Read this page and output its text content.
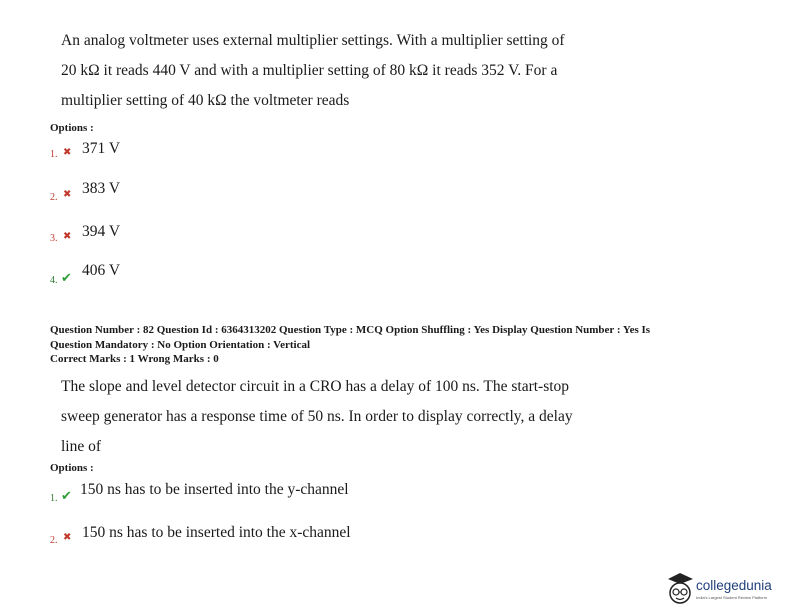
An analog voltmeter uses external multiplier settings. With a multiplier setting of
20 kΩ it reads 440 V and with a multiplier setting of 80 kΩ it reads 352 V. For a
multiplier setting of 40 kΩ the voltmeter reads
Options :
1. ✖ 371 V
2. ✖ 383 V
3. ✖ 394 V
4. ✔ 406 V
Question Number : 82 Question Id : 6364313202 Question Type : MCQ Option Shuffling : Yes Display Question Number : Yes Is
Question Mandatory : No Option Orientation : Vertical
Correct Marks : 1 Wrong Marks : 0
The slope and level detector circuit in a CRO has a delay of 100 ns. The start-stop
sweep generator has a response time of 50 ns. In order to display correctly, a delay
line of
Options :
1. ✔ 150 ns has to be inserted into the y-channel
2. ✖ 150 ns has to be inserted into the x-channel
collegedunia
India's Largest Student Review Platform
